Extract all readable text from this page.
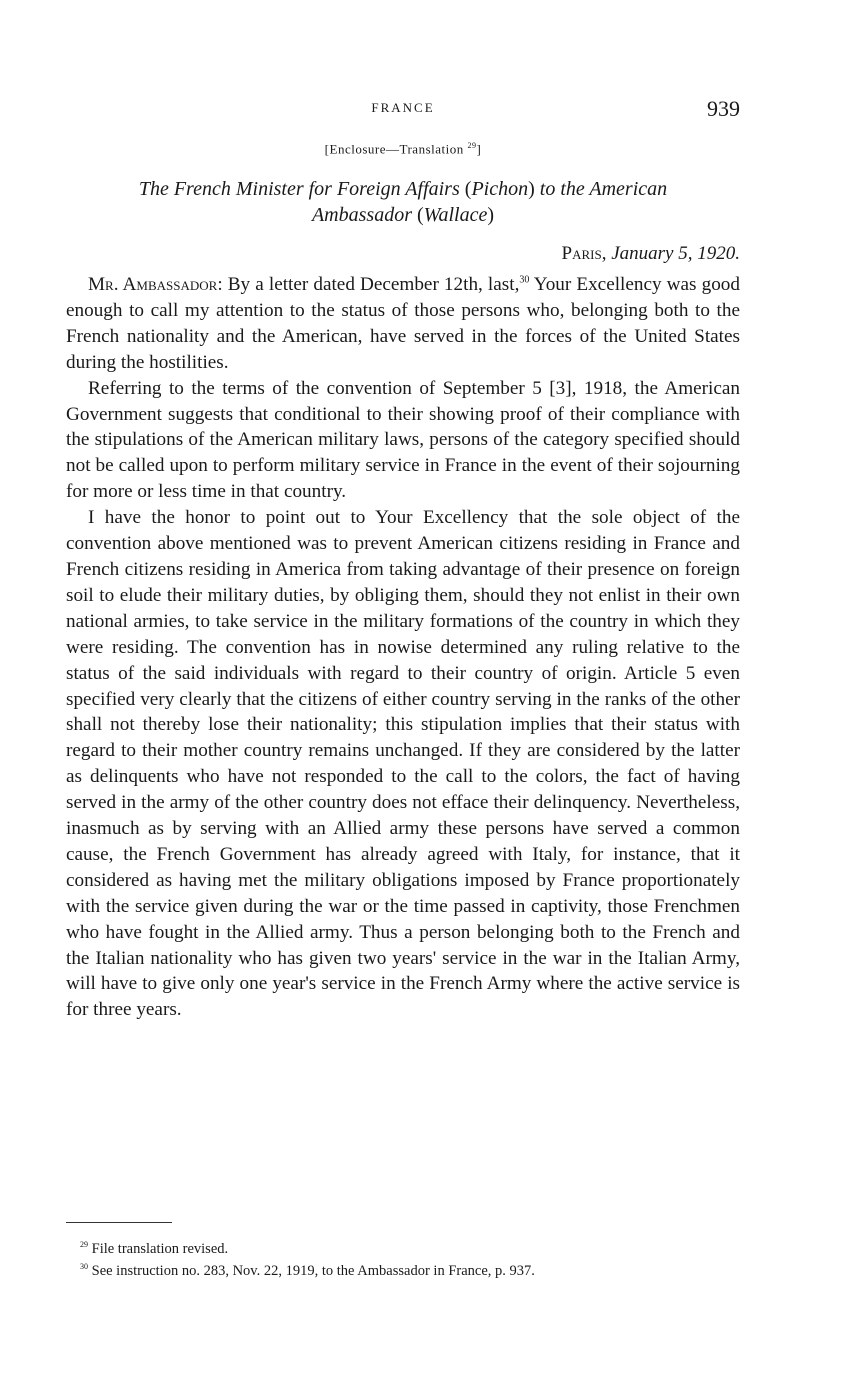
FRANCE	939
[Enclosure—Translation $^{29}$]
The French Minister for Foreign Affairs (Pichon) to the American
Ambassador (Wallace)
Paris, January 5, 1920.

Mr. Ambassador: By a letter dated December 12th, last,$^{30}$ Your Excellency was good enough to call my attention to the status of those persons who, belonging both to the French nationality and the American, have served in the forces of the United States during the hostilities.

Referring to the terms of the convention of September 5 [3], 1918, the American Government suggests that conditional to their showing proof of their compliance with the stipulations of the American military laws, persons of the category specified should not be called upon to perform military service in France in the event of their sojourning for more or less time in that country.

I have the honor to point out to Your Excellency that the sole object of the convention above mentioned was to prevent American citizens residing in France and French citizens residing in America from taking advantage of their presence on foreign soil to elude their military duties, by obliging them, should they not enlist in their own national armies, to take service in the military formations of the country in which they were residing. The convention has in nowise determined any ruling relative to the status of the said individuals with regard to their country of origin. Article 5 even specified very clearly that the citizens of either country serving in the ranks of the other shall not thereby lose their nationality; this stipulation implies that their status with regard to their mother country remains unchanged. If they are considered by the latter as delinquents who have not responded to the call to the colors, the fact of having served in the army of the other country does not efface their delinquency. Nevertheless, inasmuch as by serving with an Allied army these persons have served a common cause, the French Government has already agreed with Italy, for instance, that it considered as having met the military obligations imposed by France proportionately with the service given during the war or the time passed in captivity, those Frenchmen who have fought in the Allied army. Thus a person belonging both to the French and the Italian nationality who has given two years' service in the war in the Italian Army, will have to give only one year's service in the French Army where the active service is for three years.

$^{29}$ File translation revised.
$^{30}$ See instruction no. 283, Nov. 22, 1919, to the Ambassador in France, p. 937.
